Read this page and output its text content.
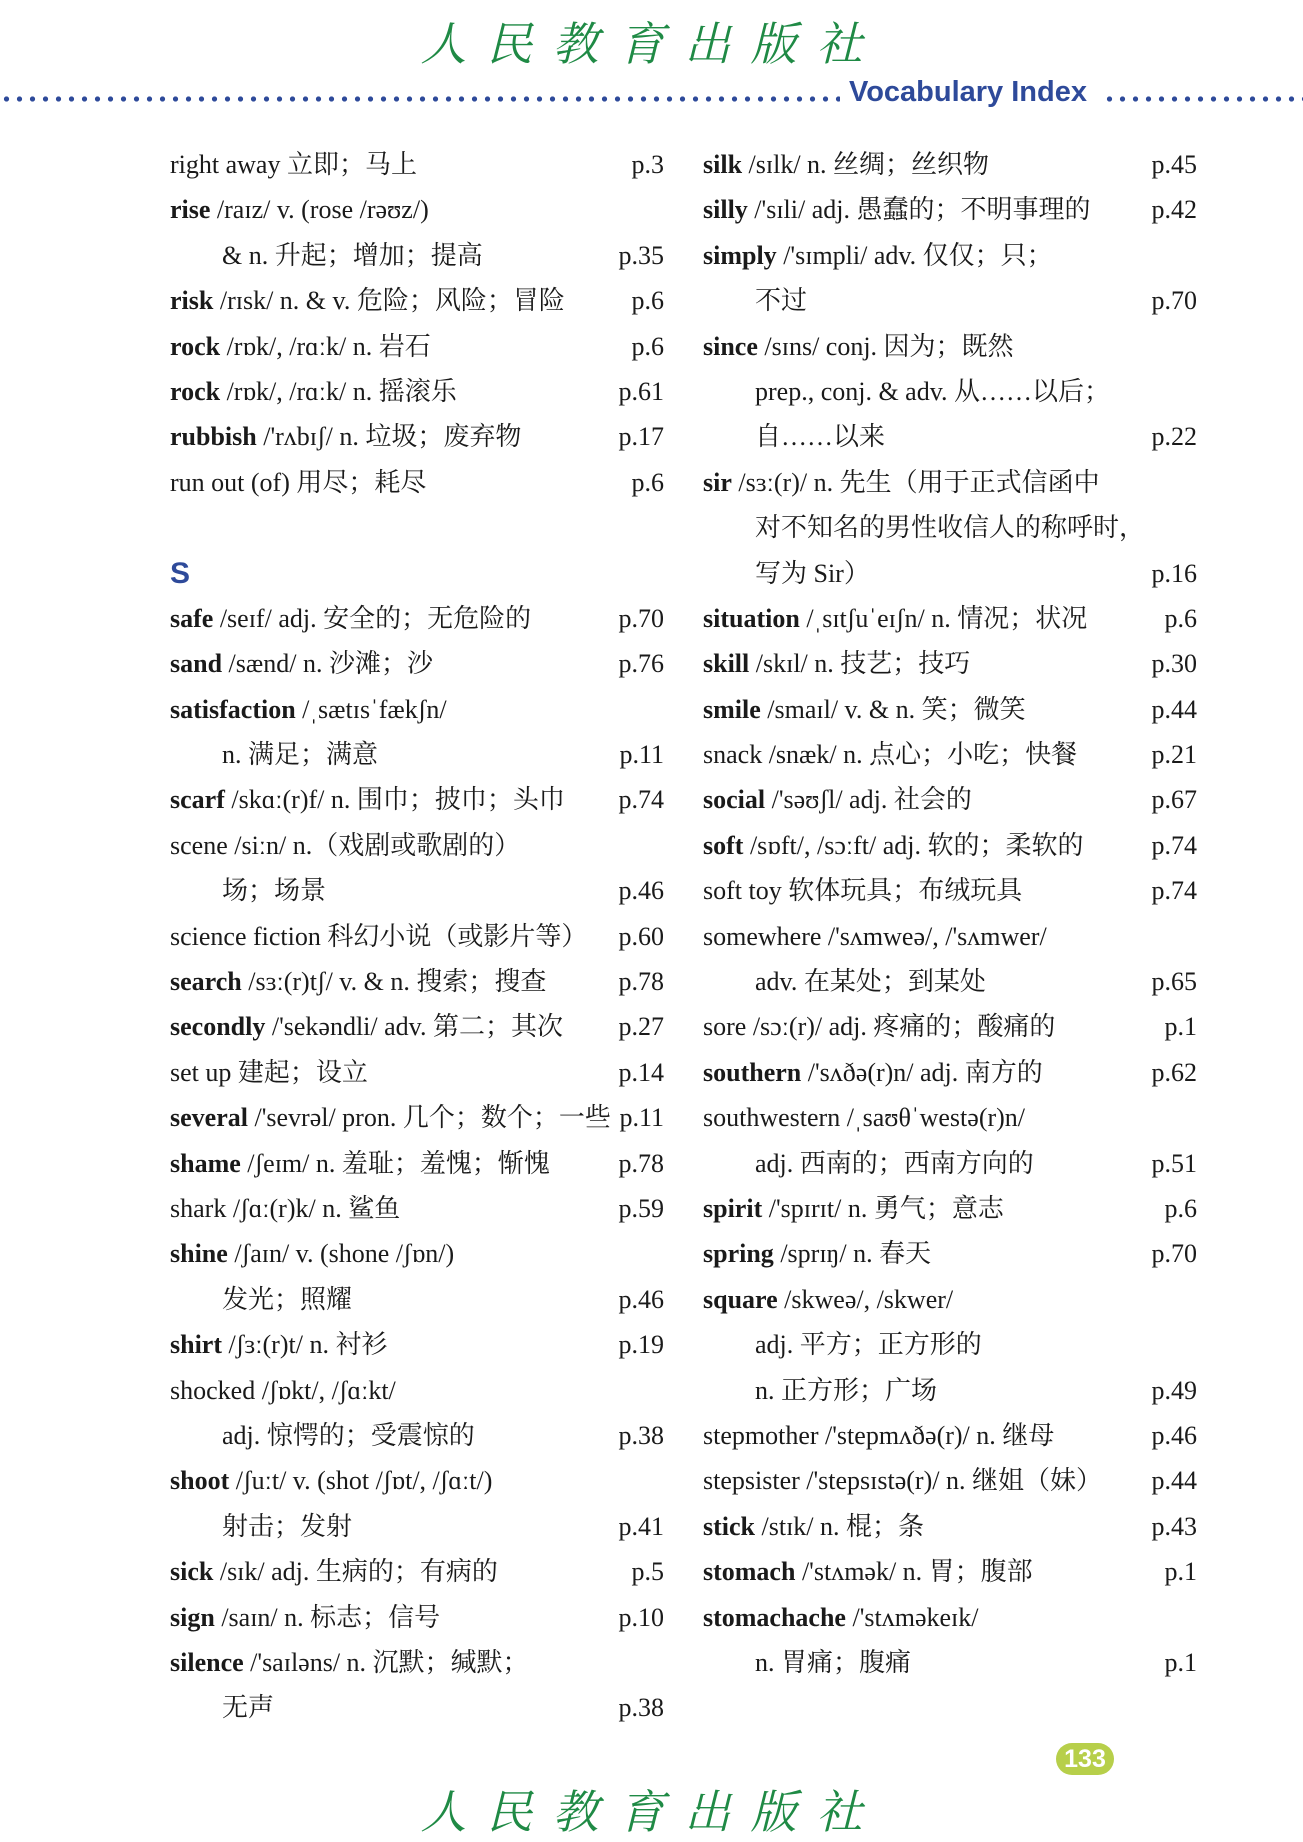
人民教育出版社
Vocabulary Index
right away 立即；马上	p.3
rise /raɪz/ v. (rose /rəʊz/)
& n. 升起；增加；提高	p.35
risk /rɪsk/ n. & v. 危险；风险；冒险	p.6
rock /rɒk/, /rɑːk/ n. 岩石	p.6
rock /rɒk/, /rɑːk/ n. 摇滚乐	p.61
rubbish /'rʌbɪʃ/ n. 垃圾；废弃物	p.17
run out (of) 用尽；耗尽	p.6
S
safe /seɪf/ adj. 安全的；无危险的	p.70
sand /sænd/ n. 沙滩；沙	p.76
satisfaction /ˌsætɪsˈfækʃn/
n. 满足；满意	p.11
scarf /skɑː(r)f/ n. 围巾；披巾；头巾 p.74
scene /siːn/ n.（戏剧或歌剧的）
场；场景	p.46
science fiction 科幻小说（或影片等） p.60
search /sɜː(r)tʃ/ v. & n. 搜索；搜查	p.78
secondly /'sekəndli/ adv. 第二；其次 p.27
set up 建起；设立	p.14
several /'sevrəl/ pron. 几个；数个；一些 p.11
shame /ʃeɪm/ n. 羞耻；羞愧；惭愧	p.78
shark /ʃɑː(r)k/ n. 鲨鱼	p.59
shine /ʃaɪn/ v. (shone /ʃɒn/)
发光；照耀	p.46
shirt /ʃɜː(r)t/ n. 衬衫	p.19
shocked /ʃɒkt/, /ʃɑːkt/
adj. 惊愕的；受震惊的	p.38
shoot /ʃuːt/ v. (shot /ʃɒt/, /ʃɑːt/)
射击；发射	p.41
sick /sɪk/ adj. 生病的；有病的	p.5
sign /saɪn/ n. 标志；信号	p.10
silence /'saɪləns/ n. 沉默；缄默；
无声	p.38
silk /sɪlk/ n. 丝绸；丝织物	p.45
silly /'sɪli/ adj. 愚蠢的；不明事理的 p.42
simply /'sɪmpli/ adv. 仅仅；只；
不过	p.70
since /sɪns/ conj. 因为；既然
prep., conj. & adv. 从……以后；
自……以来	p.22
sir /sɜː(r)/ n. 先生（用于正式信函中
对不知名的男性收信人的称呼时，
写为 Sir）	p.16
situation /ˌsɪtʃuˈeɪʃn/ n. 情况；状况	p.6
skill /skɪl/ n. 技艺；技巧	p.30
smile /smaɪl/ v. & n. 笑；微笑	p.44
snack /snæk/ n. 点心；小吃；快餐	p.21
social /'səʊʃl/ adj. 社会的	p.67
soft /sɒft/, /sɔːft/ adj. 软的；柔软的	p.74
soft toy 软体玩具；布绒玩具	p.74
somewhere /'sʌmweə/, /'sʌmwer/
adv. 在某处；到某处	p.65
sore /sɔː(r)/ adj. 疼痛的；酸痛的	p.1
southern /'sʌðə(r)n/ adj. 南方的	p.62
southwestern /ˌsaʊθˈwestə(r)n/
adj. 西南的；西南方向的	p.51
spirit /'spɪrɪt/ n. 勇气；意志	p.6
spring /sprɪŋ/ n. 春天	p.70
square /skweə/, /skwer/
adj. 平方；正方形的
n. 正方形；广场	p.49
stepmother /'stepmʌðə(r)/ n. 继母	p.46
stepsister /'stepsɪstə(r)/ n. 继姐（妹） p.44
stick /stɪk/ n. 棍；条	p.43
stomach /'stʌmək/ n. 胃；腹部	p.1
stomachache /'stʌməkeɪk/
n. 胃痛；腹痛	p.1
133
人民教育出版社
